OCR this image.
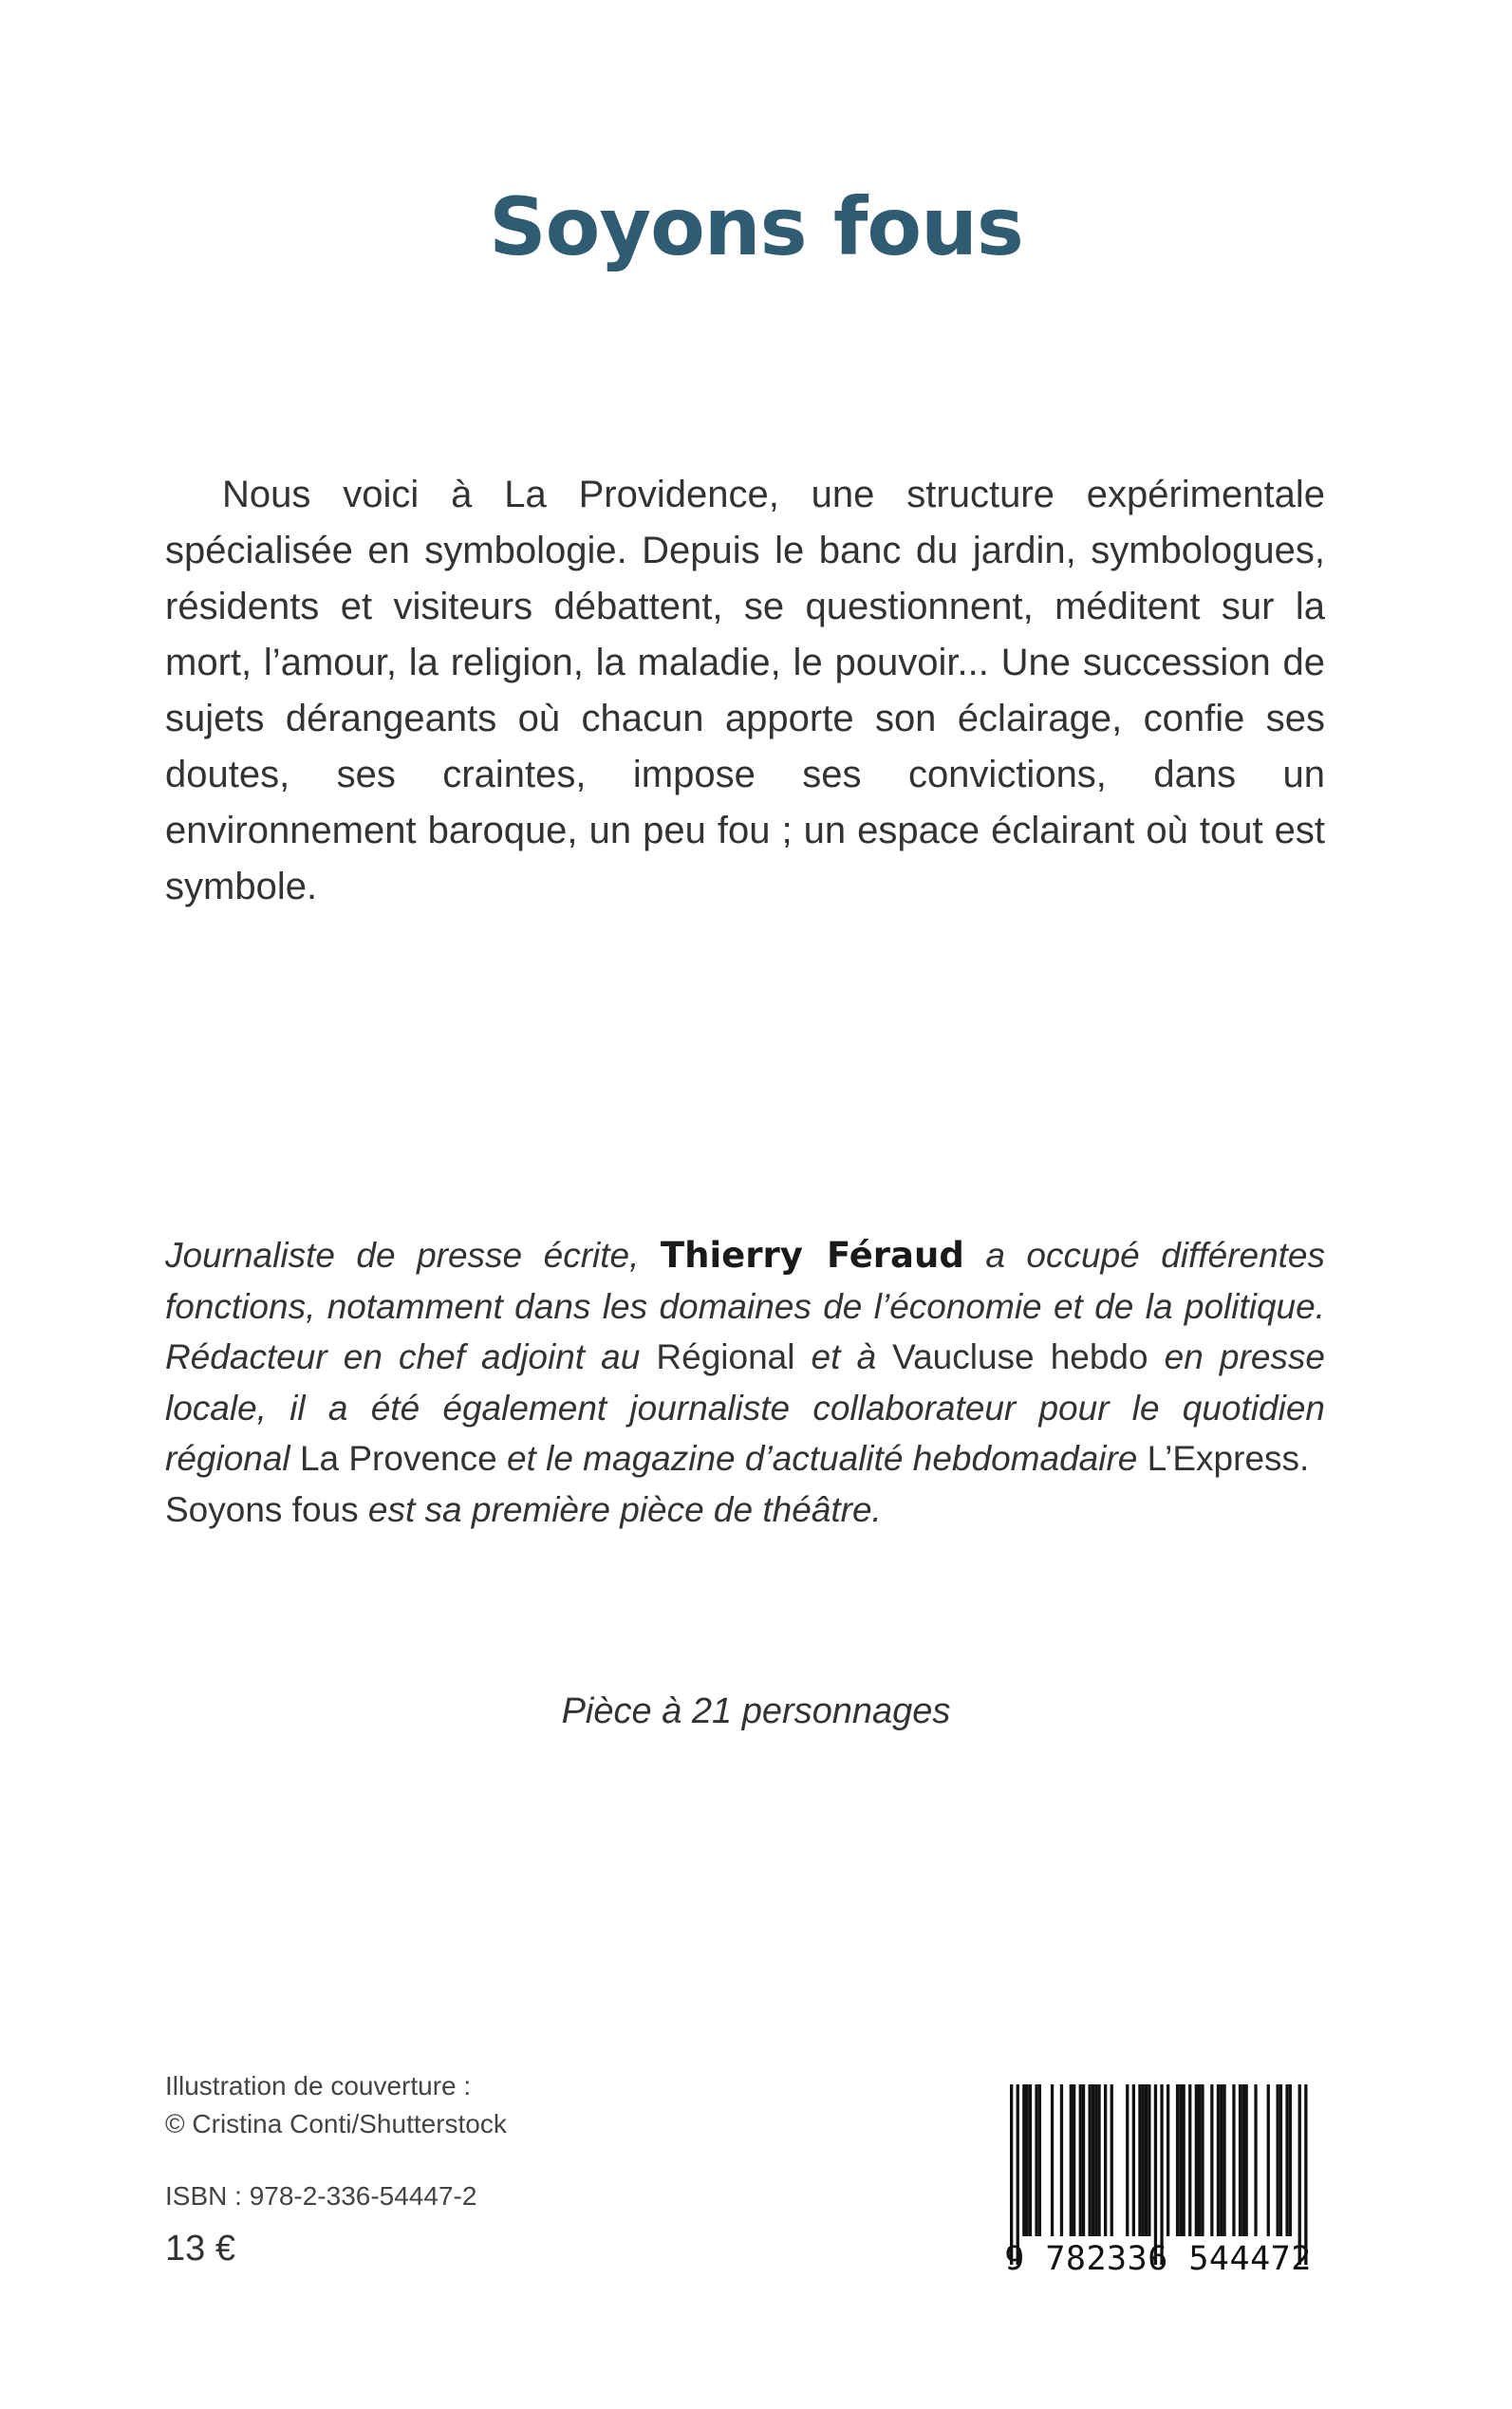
Soyons fous

Nous voici à La Providence, une structure expérimentale spécialisée en symbologie. Depuis le banc du jardin, symbologues, résidents et visiteurs débattent, se questionnent, méditent sur la mort, l’amour, la religion, la maladie, le pouvoir... Une succession de sujets dérangeants où chacun apporte son éclairage, confie ses doutes, ses craintes, impose ses convictions, dans un environnement baroque, un peu fou ; un espace éclairant où tout est symbole.

Journaliste de presse écrite, Thierry Féraud a occupé différentes fonctions, notamment dans les domaines de l’économie et de la politique. Rédacteur en chef adjoint au Régional et à Vaucluse hebdo en presse locale, il a été également journaliste collaborateur pour le quotidien régional La Provence et le magazine d’actualité hebdomadaire L’Express.
Soyons fous est sa première pièce de théâtre.

Pièce à 21 personnages

Illustration de couverture :
© Cristina Conti/Shutterstock

ISBN : 978-2-336-54447-2

13 €	9 782336 544472
